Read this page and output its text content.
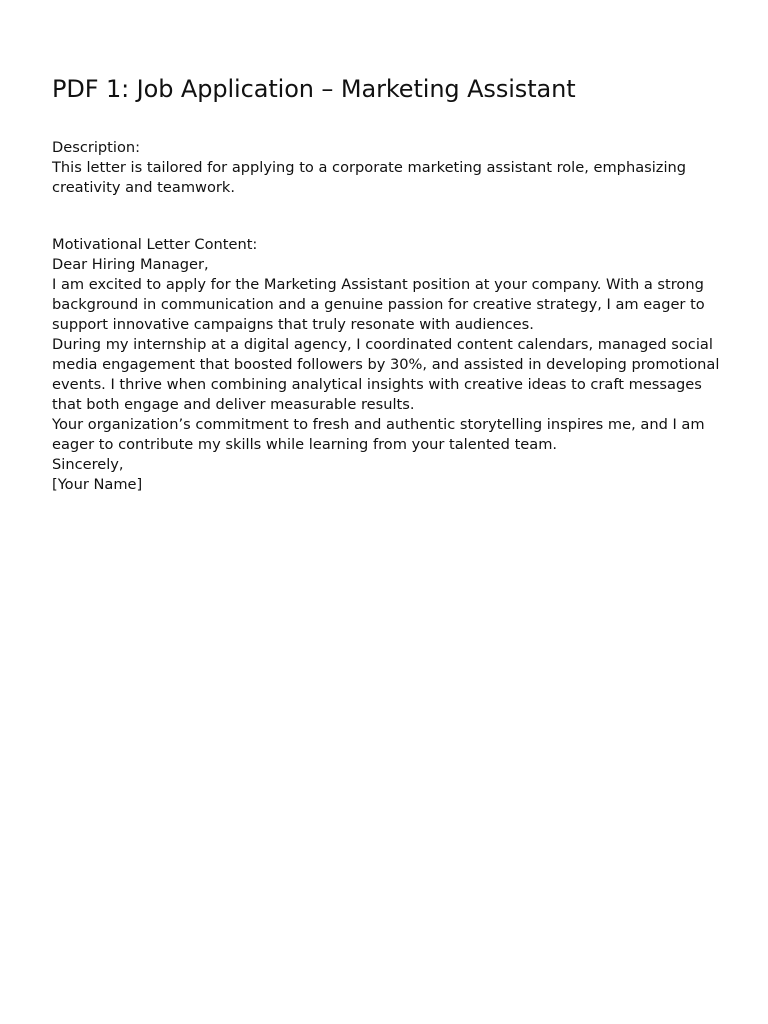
PDF 1: Job Application – Marketing Assistant
Description:
This letter is tailored for applying to a corporate marketing assistant role, emphasizing
creativity and teamwork.
Motivational Letter Content:
Dear Hiring Manager,
I am excited to apply for the Marketing Assistant position at your company. With a strong
background in communication and a genuine passion for creative strategy, I am eager to
support innovative campaigns that truly resonate with audiences.
During my internship at a digital agency, I coordinated content calendars, managed social
media engagement that boosted followers by 30%, and assisted in developing promotional
events. I thrive when combining analytical insights with creative ideas to craft messages
that both engage and deliver measurable results.
Your organization’s commitment to fresh and authentic storytelling inspires me, and I am
eager to contribute my skills while learning from your talented team.
Sincerely,
[Your Name]
